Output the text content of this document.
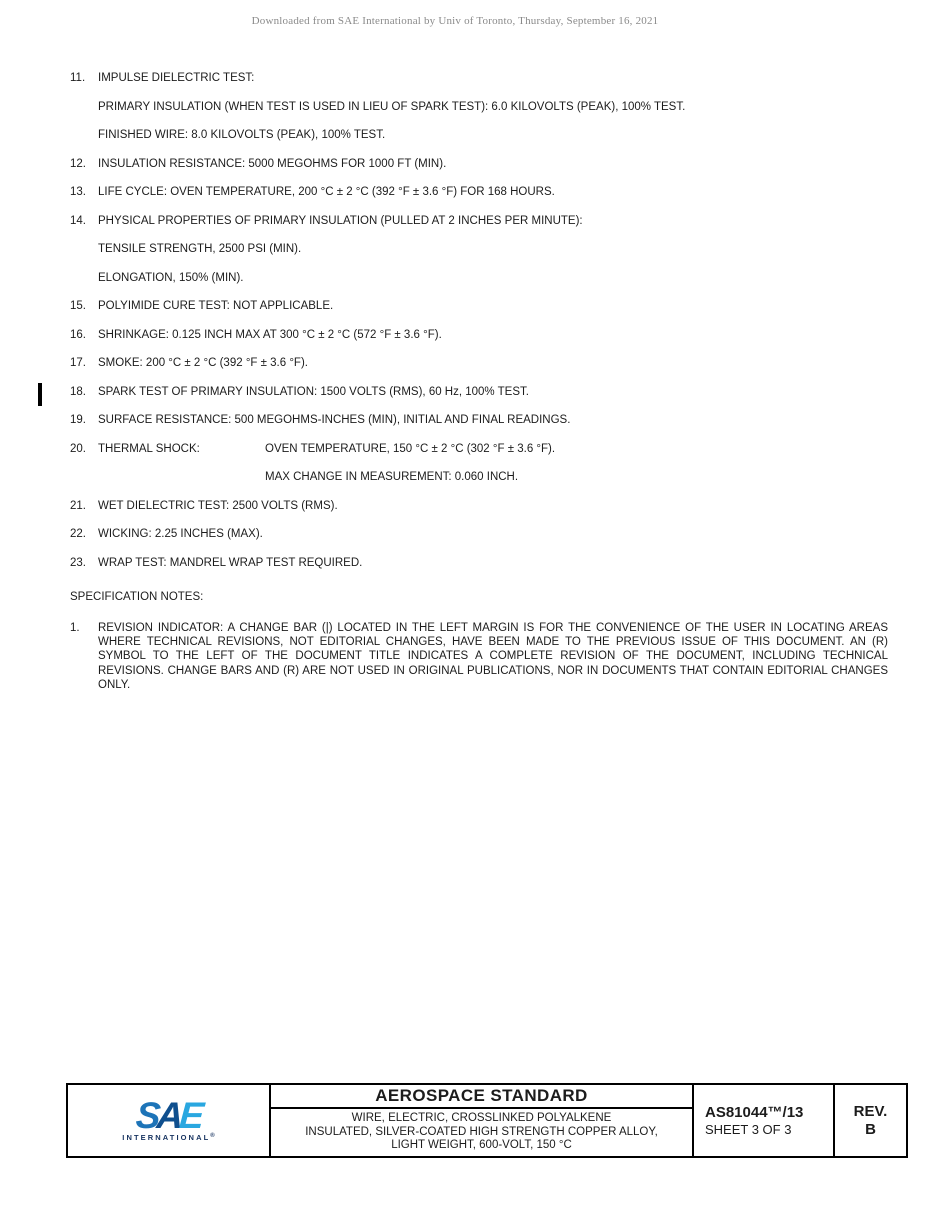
Downloaded from SAE International by Univ of Toronto, Thursday, September 16, 2021
11.	IMPULSE DIELECTRIC TEST:
PRIMARY INSULATION (WHEN TEST IS USED IN LIEU OF SPARK TEST): 6.0 KILOVOLTS (PEAK), 100% TEST.
FINISHED WIRE: 8.0 KILOVOLTS (PEAK), 100% TEST.
12.	INSULATION RESISTANCE: 5000 MEGOHMS FOR 1000 FT (MIN).
13.	LIFE CYCLE: OVEN TEMPERATURE, 200 °C ± 2 °C (392 °F ± 3.6 °F) FOR 168 HOURS.
14.	PHYSICAL PROPERTIES OF PRIMARY INSULATION (PULLED AT 2 INCHES PER MINUTE):
TENSILE STRENGTH, 2500 PSI (MIN).
ELONGATION, 150% (MIN).
15.	POLYIMIDE CURE TEST: NOT APPLICABLE.
16.	SHRINKAGE: 0.125 INCH MAX AT 300 °C ± 2 °C (572 °F ± 3.6 °F).
17.	SMOKE: 200 °C ± 2 °C (392 °F ± 3.6 °F).
18.	SPARK TEST OF PRIMARY INSULATION: 1500 VOLTS (RMS), 60 Hz, 100% TEST.
19.	SURFACE RESISTANCE: 500 MEGOHMS-INCHES (MIN), INITIAL AND FINAL READINGS.
20.	THERMAL SHOCK:	OVEN TEMPERATURE, 150 °C ± 2 °C (302 °F ± 3.6 °F).
MAX CHANGE IN MEASUREMENT: 0.060 INCH.
21.	WET DIELECTRIC TEST: 2500 VOLTS (RMS).
22.	WICKING: 2.25 INCHES (MAX).
23.	WRAP TEST: MANDREL WRAP TEST REQUIRED.
SPECIFICATION NOTES:
1.	REVISION INDICATOR: A CHANGE BAR (|) LOCATED IN THE LEFT MARGIN IS FOR THE CONVENIENCE OF THE USER IN LOCATING AREAS WHERE TECHNICAL REVISIONS, NOT EDITORIAL CHANGES, HAVE BEEN MADE TO THE PREVIOUS ISSUE OF THIS DOCUMENT. AN (R) SYMBOL TO THE LEFT OF THE DOCUMENT TITLE INDICATES A COMPLETE REVISION OF THE DOCUMENT, INCLUDING TECHNICAL REVISIONS. CHANGE BARS AND (R) ARE NOT USED IN ORIGINAL PUBLICATIONS, NOR IN DOCUMENTS THAT CONTAIN EDITORIAL CHANGES ONLY.
SAE
INTERNATIONAL®
AEROSPACE STANDARD
WIRE, ELECTRIC, CROSSLINKED POLYALKENE
INSULATED, SILVER-COATED HIGH STRENGTH COPPER ALLOY,
LIGHT WEIGHT, 600-VOLT, 150 °C
AS81044™/13
SHEET 3 OF 3
REV.
B
